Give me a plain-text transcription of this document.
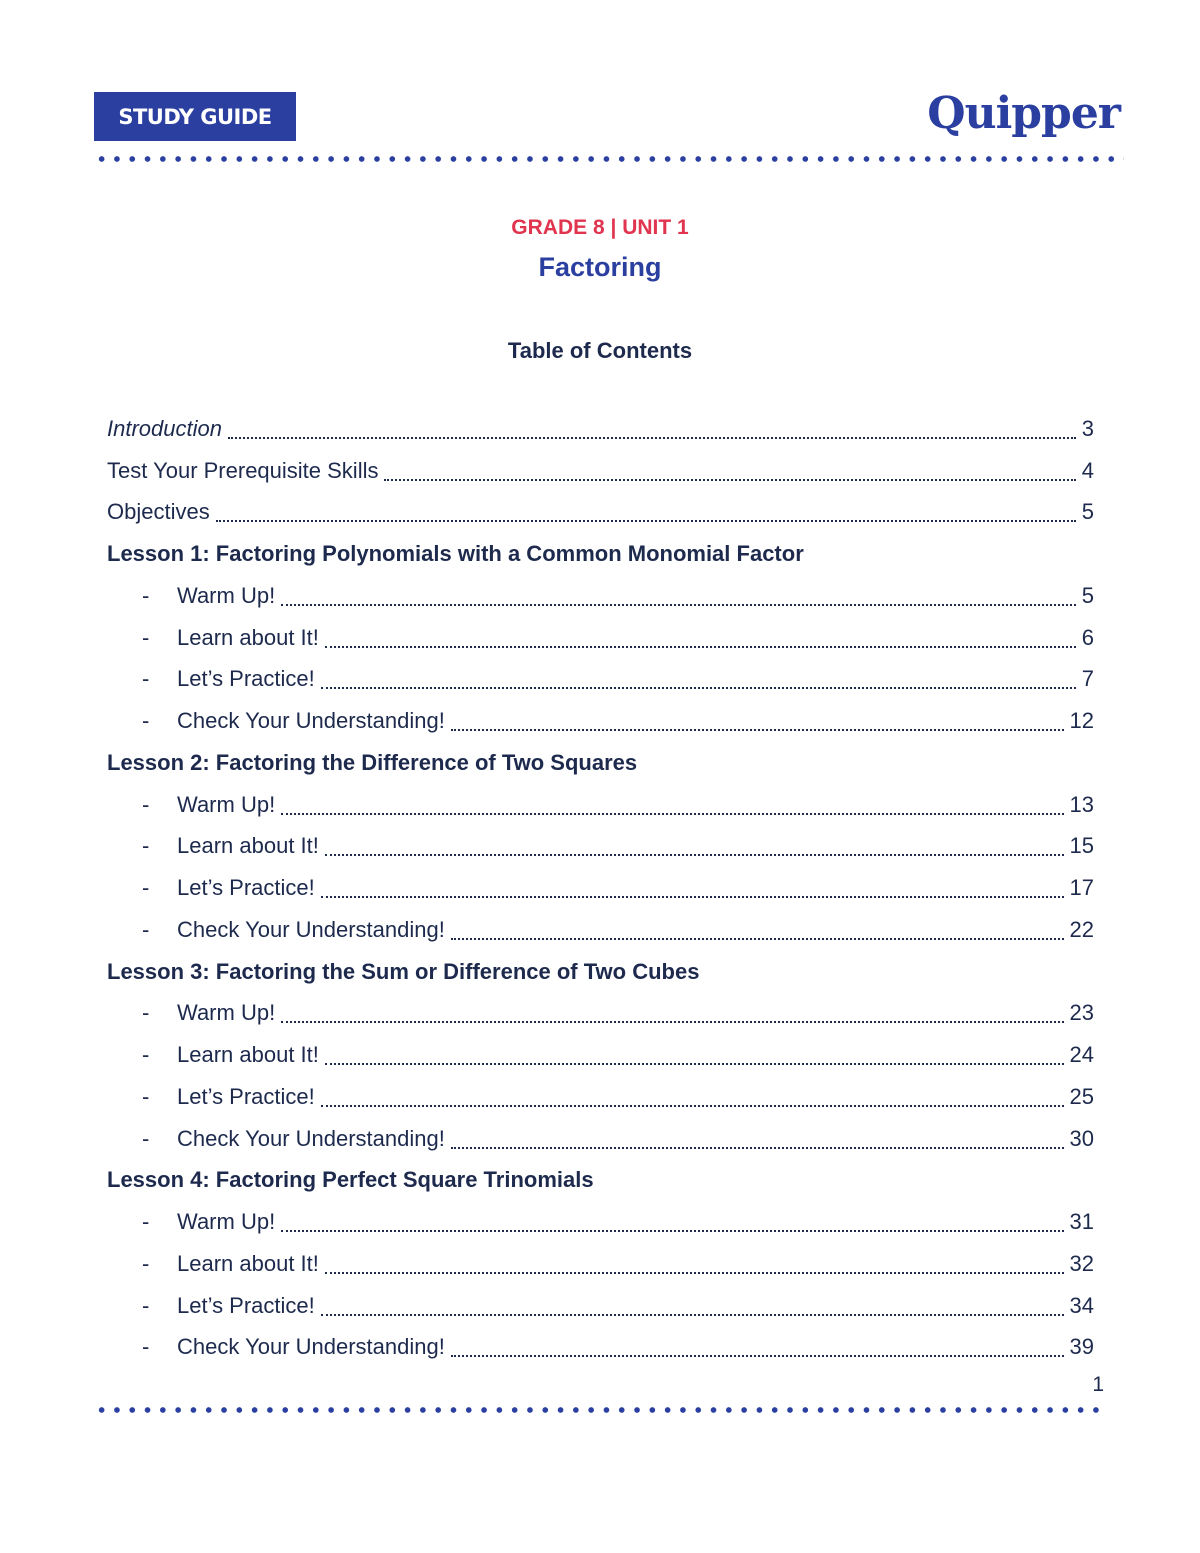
STUDY GUIDE	Quipper
GRADE 8 | UNIT 1
Factoring
Table of Contents
Introduction	3
Test Your Prerequisite Skills	4
Objectives	5
Lesson 1: Factoring Polynomials with a Common Monomial Factor
-	Warm Up!	5
-	Learn about It!	6
-	Let’s Practice!	7
-	Check Your Understanding!	12
Lesson 2: Factoring the Difference of Two Squares
-	Warm Up!	13
-	Learn about It!	15
-	Let’s Practice!	17
-	Check Your Understanding!	22
Lesson 3: Factoring the Sum or Difference of Two Cubes
-	Warm Up!	23
-	Learn about It!	24
-	Let’s Practice!	25
-	Check Your Understanding!	30
Lesson 4: Factoring Perfect Square Trinomials
-	Warm Up!	31
-	Learn about It!	32
-	Let’s Practice!	34
-	Check Your Understanding!	39
1
